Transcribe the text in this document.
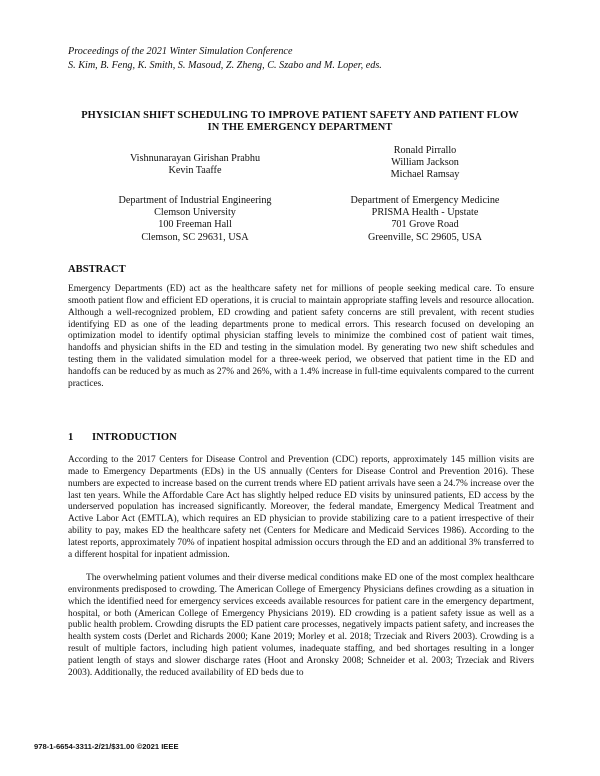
Proceedings of the 2021 Winter Simulation Conference
S. Kim, B. Feng, K. Smith, S. Masoud, Z. Zheng, C. Szabo and M. Loper, eds.
PHYSICIAN SHIFT SCHEDULING TO IMPROVE PATIENT SAFETY AND PATIENT FLOW
IN THE EMERGENCY DEPARTMENT
Vishnunarayan Girishan Prabhu
Kevin Taaffe
Department of Industrial Engineering
Clemson University
100 Freeman Hall
Clemson, SC 29631, USA
Ronald Pirrallo
William Jackson
Michael Ramsay
Department of Emergency Medicine
PRISMA Health - Upstate
701 Grove Road
Greenville, SC 29605, USA
ABSTRACT

Emergency Departments (ED) act as the healthcare safety net for millions of people seeking medical care. To ensure smooth patient flow and efficient ED operations, it is crucial to maintain appropriate staffing levels and resource allocation. Although a well-recognized problem, ED crowding and patient safety concerns are still prevalent, with recent studies identifying ED as one of the leading departments prone to medical errors. This research focused on developing an optimization model to identify optimal physician staffing levels to minimize the combined cost of patient wait times, handoffs and physician shifts in the ED and testing in the simulation model. By generating two new shift schedules and testing them in the validated simulation model for a three-week period, we observed that patient time in the ED and handoffs can be reduced by as much as 27% and 26%, with a 1.4% increase in full-time equivalents compared to the current practices.

1 INTRODUCTION

According to the 2017 Centers for Disease Control and Prevention (CDC) reports, approximately 145 million visits are made to Emergency Departments (EDs) in the US annually (Centers for Disease Control and Prevention 2016). These numbers are expected to increase based on the current trends where ED patient arrivals have seen a 24.7% increase over the last ten years. While the Affordable Care Act has slightly helped reduce ED visits by uninsured patients, ED access by the underserved population has increased significantly. Moreover, the federal mandate, Emergency Medical Treatment and Active Labor Act (EMTLA), which requires an ED physician to provide stabilizing care to a patient irrespective of their ability to pay, makes ED the healthcare safety net (Centers for Medicare and Medicaid Services 1986). According to the latest reports, approximately 70% of inpatient hospital admission occurs through the ED and an additional 3% transferred to a different hospital for inpatient admission.

The overwhelming patient volumes and their diverse medical conditions make ED one of the most complex healthcare environments predisposed to crowding. The American College of Emergency Physicians defines crowding as a situation in which the identified need for emergency services exceeds available resources for patient care in the emergency department, hospital, or both (American College of Emergency Physicians 2019). ED crowding is a patient safety issue as well as a public health problem. Crowding disrupts the ED patient care processes, negatively impacts patient safety, and increases the health system costs (Derlet and Richards 2000; Kane 2019; Morley et al. 2018; Trzeciak and Rivers 2003). Crowding is a result of multiple factors, including high patient volumes, inadequate staffing, and bed shortages resulting in a longer patient length of stays and slower discharge rates (Hoot and Aronsky 2008; Schneider et al. 2003; Trzeciak and Rivers 2003). Additionally, the reduced availability of ED beds due to

978-1-6654-3311-2/21/$31.00 ©2021 IEEE
